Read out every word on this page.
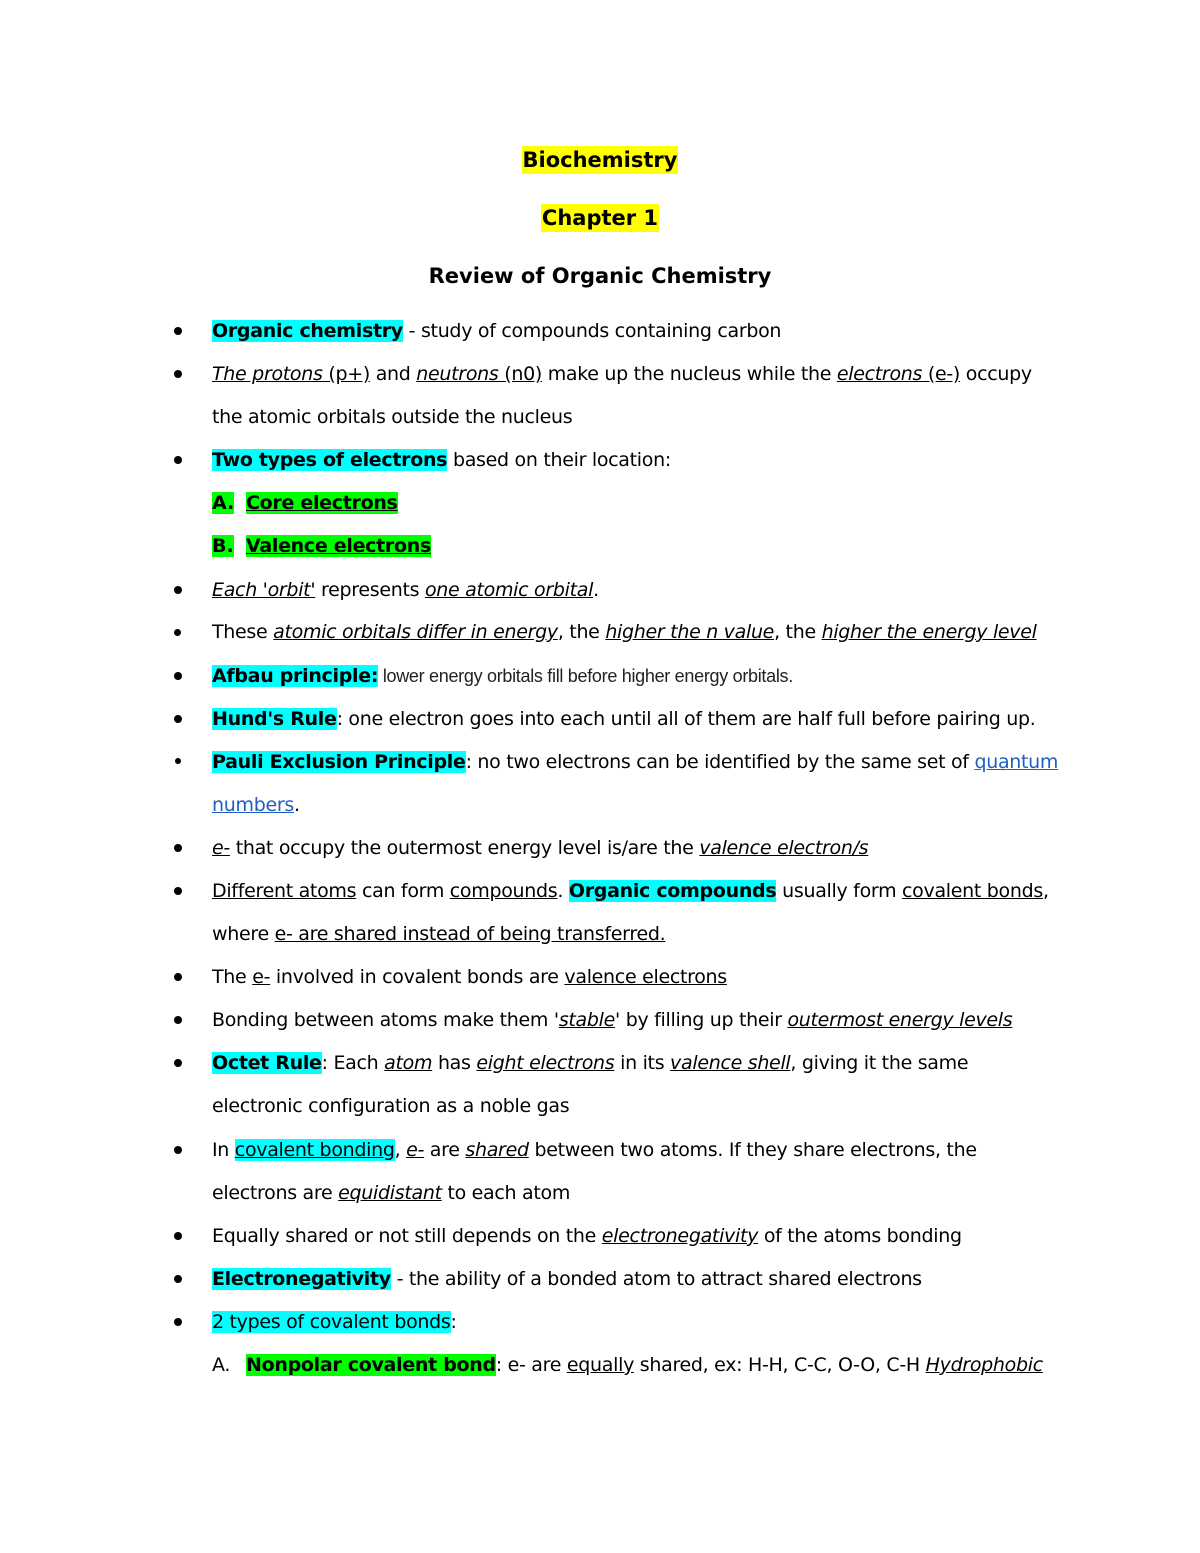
Biochemistry
Chapter 1
Review of Organic Chemistry
Organic chemistry - study of compounds containing carbon
The protons (p+) and neutrons (n0) make up the nucleus while the electrons (e-) occupy
the atomic orbitals outside the nucleus
Two types of electrons based on their location:
A. Core electrons
B. Valence electrons
Each 'orbit' represents one atomic orbital.
These atomic orbitals differ in energy, the higher the n value, the higher the energy level
Afbau principle: lower energy orbitals fill before higher energy orbitals.
Hund's Rule: one electron goes into each until all of them are half full before pairing up.
Pauli Exclusion Principle: no two electrons can be identified by the same set of quantum
numbers.
e- that occupy the outermost energy level is/are the valence electron/s
Different atoms can form compounds. Organic compounds usually form covalent bonds,
where e- are shared instead of being transferred.
The e- involved in covalent bonds are valence electrons
Bonding between atoms make them 'stable' by filling up their outermost energy levels
Octet Rule: Each atom has eight electrons in its valence shell, giving it the same
electronic configuration as a noble gas
In covalent bonding, e- are shared between two atoms. If they share electrons, the
electrons are equidistant to each atom
Equally shared or not still depends on the electronegativity of the atoms bonding
Electronegativity - the ability of a bonded atom to attract shared electrons
2 types of covalent bonds:
A. Nonpolar covalent bond: e- are equally shared, ex: H-H, C-C, O-O, C-H Hydrophobic
